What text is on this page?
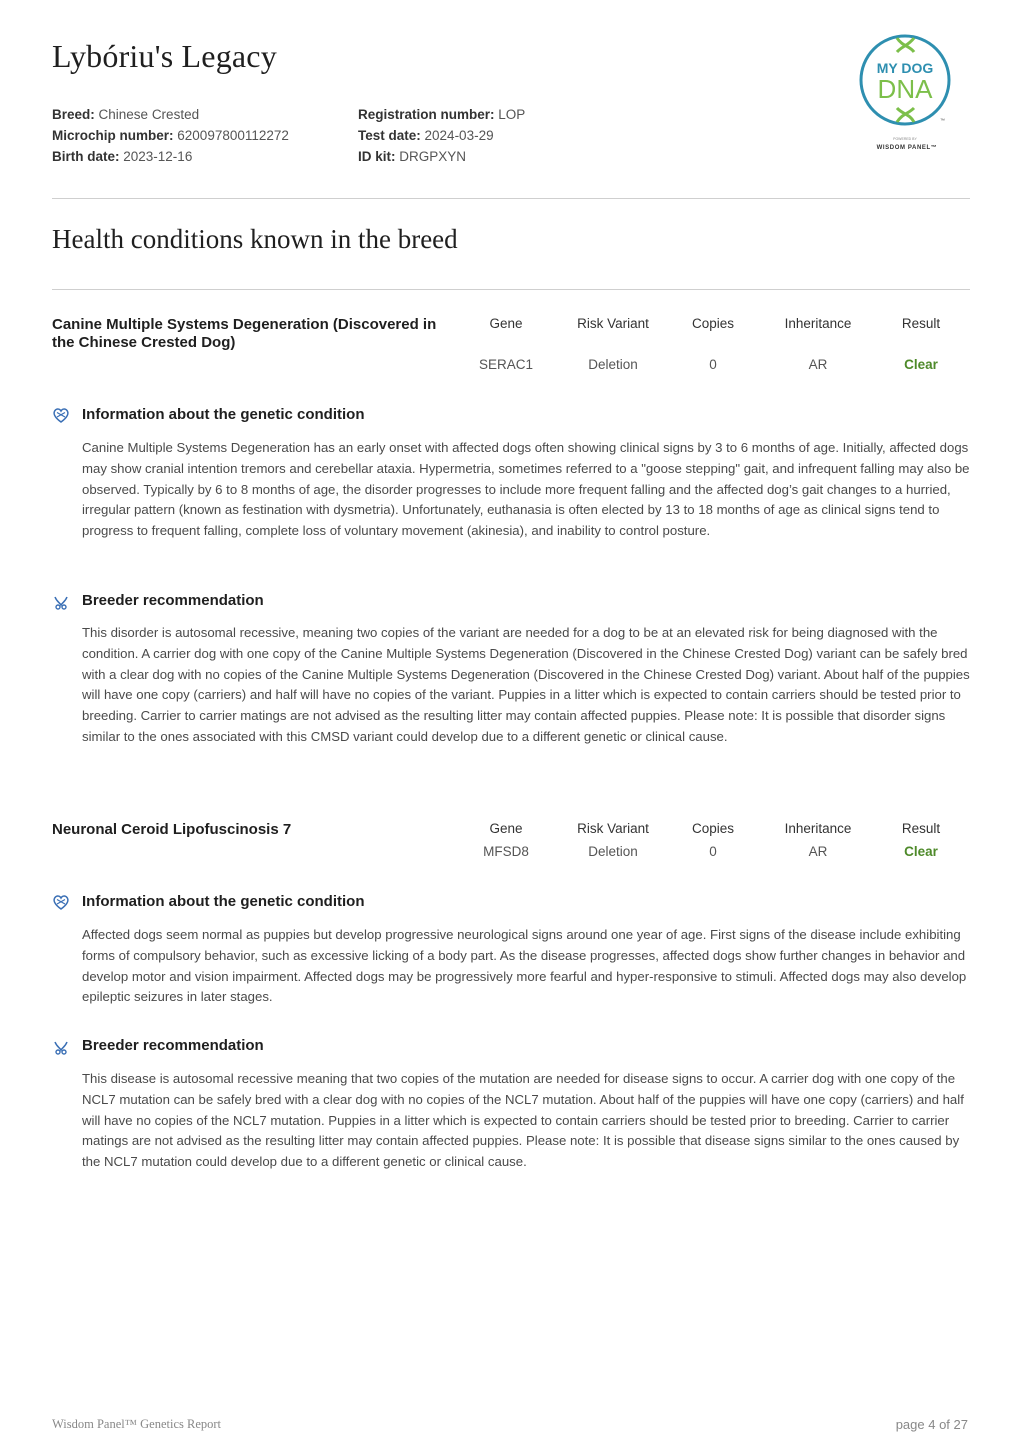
Lybóriu's Legacy
Breed: Chinese Crested
Microchip number: 620097800112272
Birth date: 2023-12-16
Registration number: LOP
Test date: 2024-03-29
ID kit: DRGPXYN
MY DOG
DNA
™
POWERED BY
WISDOM PANEL™
Health conditions known in the breed
Canine Multiple Systems Degeneration (Discovered in the Chinese Crested Dog)
Gene	Risk Variant	Copies	Inheritance	Result
SERAC1	Deletion	0	AR	Clear
Information about the genetic condition

Canine Multiple Systems Degeneration has an early onset with affected dogs often showing clinical signs by 3 to 6 months of age. Initially, affected dogs may show cranial intention tremors and cerebellar ataxia. Hypermetria, sometimes referred to a "goose stepping" gait, and infrequent falling may also be observed. Typically by 6 to 8 months of age, the disorder progresses to include more frequent falling and the affected dog’s gait changes to a hurried, irregular pattern (known as festination with dysmetria). Unfortunately, euthanasia is often elected by 13 to 18 months of age as clinical signs tend to progress to frequent falling, complete loss of voluntary movement (akinesia), and inability to control posture.

Breeder recommendation

This disorder is autosomal recessive, meaning two copies of the variant are needed for a dog to be at an elevated risk for being diagnosed with the condition. A carrier dog with one copy of the Canine Multiple Systems Degeneration (Discovered in the Chinese Crested Dog) variant can be safely bred with a clear dog with no copies of the Canine Multiple Systems Degeneration (Discovered in the Chinese Crested Dog) variant. About half of the puppies will have one copy (carriers) and half will have no copies of the variant. Puppies in a litter which is expected to contain carriers should be tested prior to breeding. Carrier to carrier matings are not advised as the resulting litter may contain affected puppies. Please note: It is possible that disorder signs similar to the ones associated with this CMSD variant could develop due to a different genetic or clinical cause.

Neuronal Ceroid Lipofuscinosis 7	Gene	Risk Variant	Copies	Inheritance	Result
MFSD8	Deletion	0	AR	Clear
Information about the genetic condition

Affected dogs seem normal as puppies but develop progressive neurological signs around one year of age. First signs of the disease include exhibiting forms of compulsory behavior, such as excessive licking of a body part. As the disease progresses, affected dogs show further changes in behavior and develop motor and vision impairment. Affected dogs may be progressively more fearful and hyper-responsive to stimuli. Affected dogs may also develop epileptic seizures in later stages.

Breeder recommendation

This disease is autosomal recessive meaning that two copies of the mutation are needed for disease signs to occur. A carrier dog with one copy of the NCL7 mutation can be safely bred with a clear dog with no copies of the NCL7 mutation. About half of the puppies will have one copy (carriers) and half will have no copies of the NCL7 mutation. Puppies in a litter which is expected to contain carriers should be tested prior to breeding. Carrier to carrier matings are not advised as the resulting litter may contain affected puppies. Please note: It is possible that disease signs similar to the ones caused by the NCL7 mutation could develop due to a different genetic or clinical cause.

Wisdom Panel™ Genetics Report	page 4 of 27
